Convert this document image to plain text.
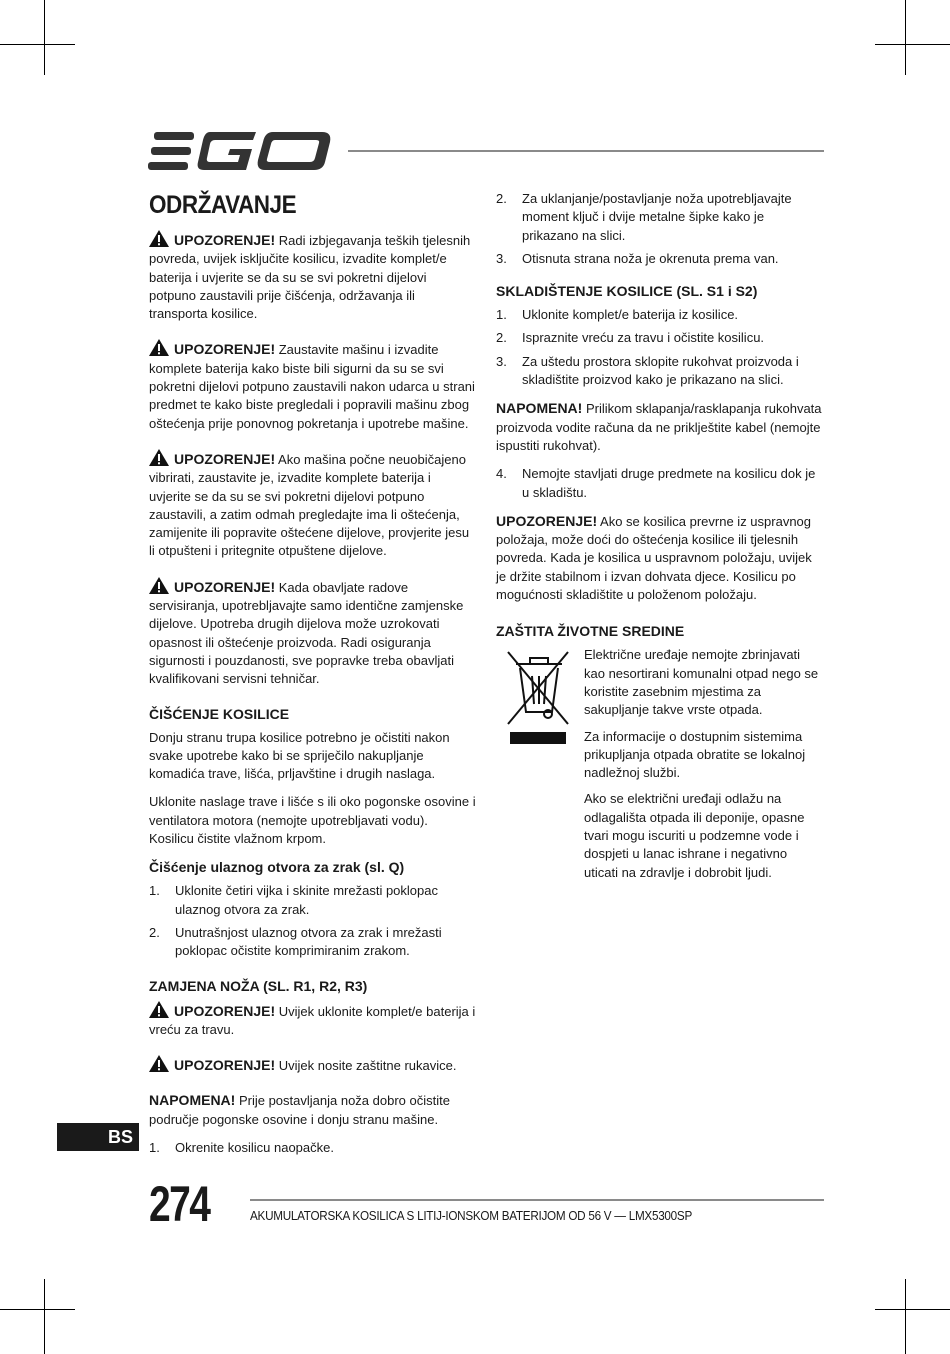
ODRŽAVANJE

UPOZORENJE! Radi izbjegavanja teških tjelesnih povreda, uvijek isključite kosilicu, izvadite komplet/e baterija i uvjerite se da su se svi pokretni dijelovi potpuno zaustavili prije čišćenja, održavanja ili transporta kosilice.

UPOZORENJE! Zaustavite mašinu i izvadite komplete baterija kako biste bili sigurni da su se svi pokretni dijelovi potpuno zaustavili nakon udarca u strani predmet te kako biste pregledali i popravili mašinu zbog oštećenja prije ponovnog pokretanja i upotrebe mašine.

UPOZORENJE! Ako mašina počne neuobičajeno vibrirati, zaustavite je, izvadite komplete baterija i uvjerite se da su se svi pokretni dijelovi potpuno zaustavili, a zatim odmah pregledajte ima li oštećenja, zamijenite ili popravite oštećene dijelove, provjerite jesu li otpušteni i pritegnite otpuštene dijelove.

UPOZORENJE! Kada obavljate radove servisiranja, upotrebljavajte samo identične zamjenske dijelove. Upotreba drugih dijelova može uzrokovati opasnost ili oštećenje proizvoda. Radi osiguranja sigurnosti i pouzdanosti, sve popravke treba obavljati kvalifikovani servisni tehničar.

ČIŠĆENJE KOSILICE

Donju stranu trupa kosilice potrebno je očistiti nakon svake upotrebe kako bi se spriječilo nakupljanje komadića trave, lišća, prljavštine i drugih naslaga.

Uklonite naslage trave i lišće s ili oko pogonske osovine i ventilatora motora (nemojte upotrebljavati vodu). Kosilicu čistite vlažnom krpom.

Čišćenje ulaznog otvora za zrak (sl. Q)
1.	Uklonite četiri vijka i skinite mrežasti poklopac ulaznog otvora za zrak.
2.	Unutrašnjost ulaznog otvora za zrak i mrežasti poklopac očistite komprimiranim zrakom.
ZAMJENA NOŽA (SL. R1, R2, R3)

UPOZORENJE! Uvijek uklonite komplet/e baterija i vreću za travu.

UPOZORENJE! Uvijek nosite zaštitne rukavice.

NAPOMENA! Prije postavljanja noža dobro očistite područje pogonske osovine i donju stranu mašine.

1.	Okrenite kosilicu naopačke.
2.	Za uklanjanje/postavljanje noža upotrebljavajte moment ključ i dvije metalne šipke kako je prikazano na slici.
3.	Otisnuta strana noža je okrenuta prema van.
SKLADIŠTENJE KOSILICE (SL. S1 i S2)
1.	Uklonite komplet/e baterija iz kosilice.
2.	Ispraznite vreću za travu i očistite kosilicu.
3.	Za uštedu prostora sklopite rukohvat proizvoda i skladištite proizvod kako je prikazano na slici.

NAPOMENA! Prilikom sklapanja/rasklapanja rukohvata proizvoda vodite računa da ne priklještite kabel (nemojte ispustiti rukohvat).

4.	Nemojte stavljati druge predmete na kosilicu dok je u skladištu.

UPOZORENJE! Ako se kosilica prevrne iz uspravnog položaja, može doći do oštećenja kosilice ili tjelesnih povreda. Kada je kosilica u uspravnom položaju, uvijek je držite stabilnom i izvan dohvata djece. Kosilicu po mogućnosti skladištite u položenom položaju.

ZAŠTITA ŽIVOTNE SREDINE

Električne uređaje nemojte zbrinjavati kao nesortirani komunalni otpad nego se koristite zasebnim mjestima za sakupljanje takve vrste otpada.

Za informacije o dostupnim sistemima prikupljanja otpada obratite se lokalnoj nadležnoj službi.

Ako se električni uređaji odlažu na odlagališta otpada ili deponije, opasne tvari mogu iscuriti u podzemne vode i dospjeti u lanac ishrane i negativno uticati na zdravlje i dobrobit ljudi.

BS
274	AKUMULATORSKA KOSILICA S LITIJ-IONSKOM BATERIJOM OD 56 V — LMX5300SP
